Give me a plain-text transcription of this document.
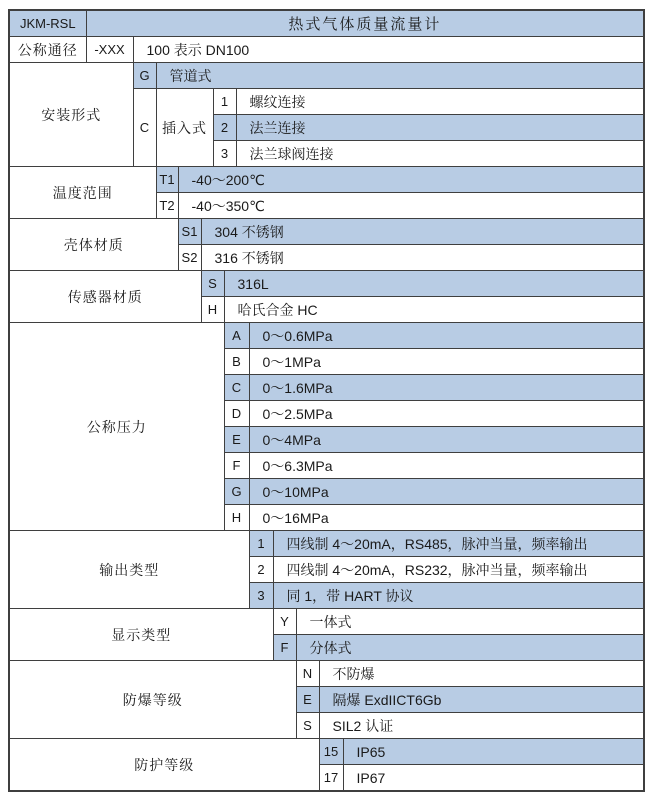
JKM-RSL	热式气体质量流量计												
公称通径	-XXX	100 表示 DN100											
安装形式		G	管道式										
		C	插入式			1		螺纹连接					
						2		法兰连接					
						3		法兰球阀连接					
温度范围			T1	-40～200℃									
			T2	-40～350℃									
壳体材质				S1	304 不锈钢								
				S2	316 不锈钢								
传感器材质					S		316L						
					H		哈氏合金 HC						
公称压力							A		0～0.6MPa				
							B		0～1MPa				
							C		0～1.6MPa				
							D		0～2.5MPa				
							E		0～4MPa				
							F		0～6.3MPa				
							G		0～10MPa				
							H		0～16MPa				
输出类型									1	四线制 4～20mA，RS485，脉冲当量，频率输出			
									2	四线制 4～20mA，RS232，脉冲当量，频率输出			
									3	同 1，带 HART 协议			
显示类型										Y	一体式		
										F	分体式		
防爆等级											N	不防爆	
											E	隔爆 ExdIICT6Gb	
											S	SIL2 认证	
防护等级												15	IP65
												17	IP67
